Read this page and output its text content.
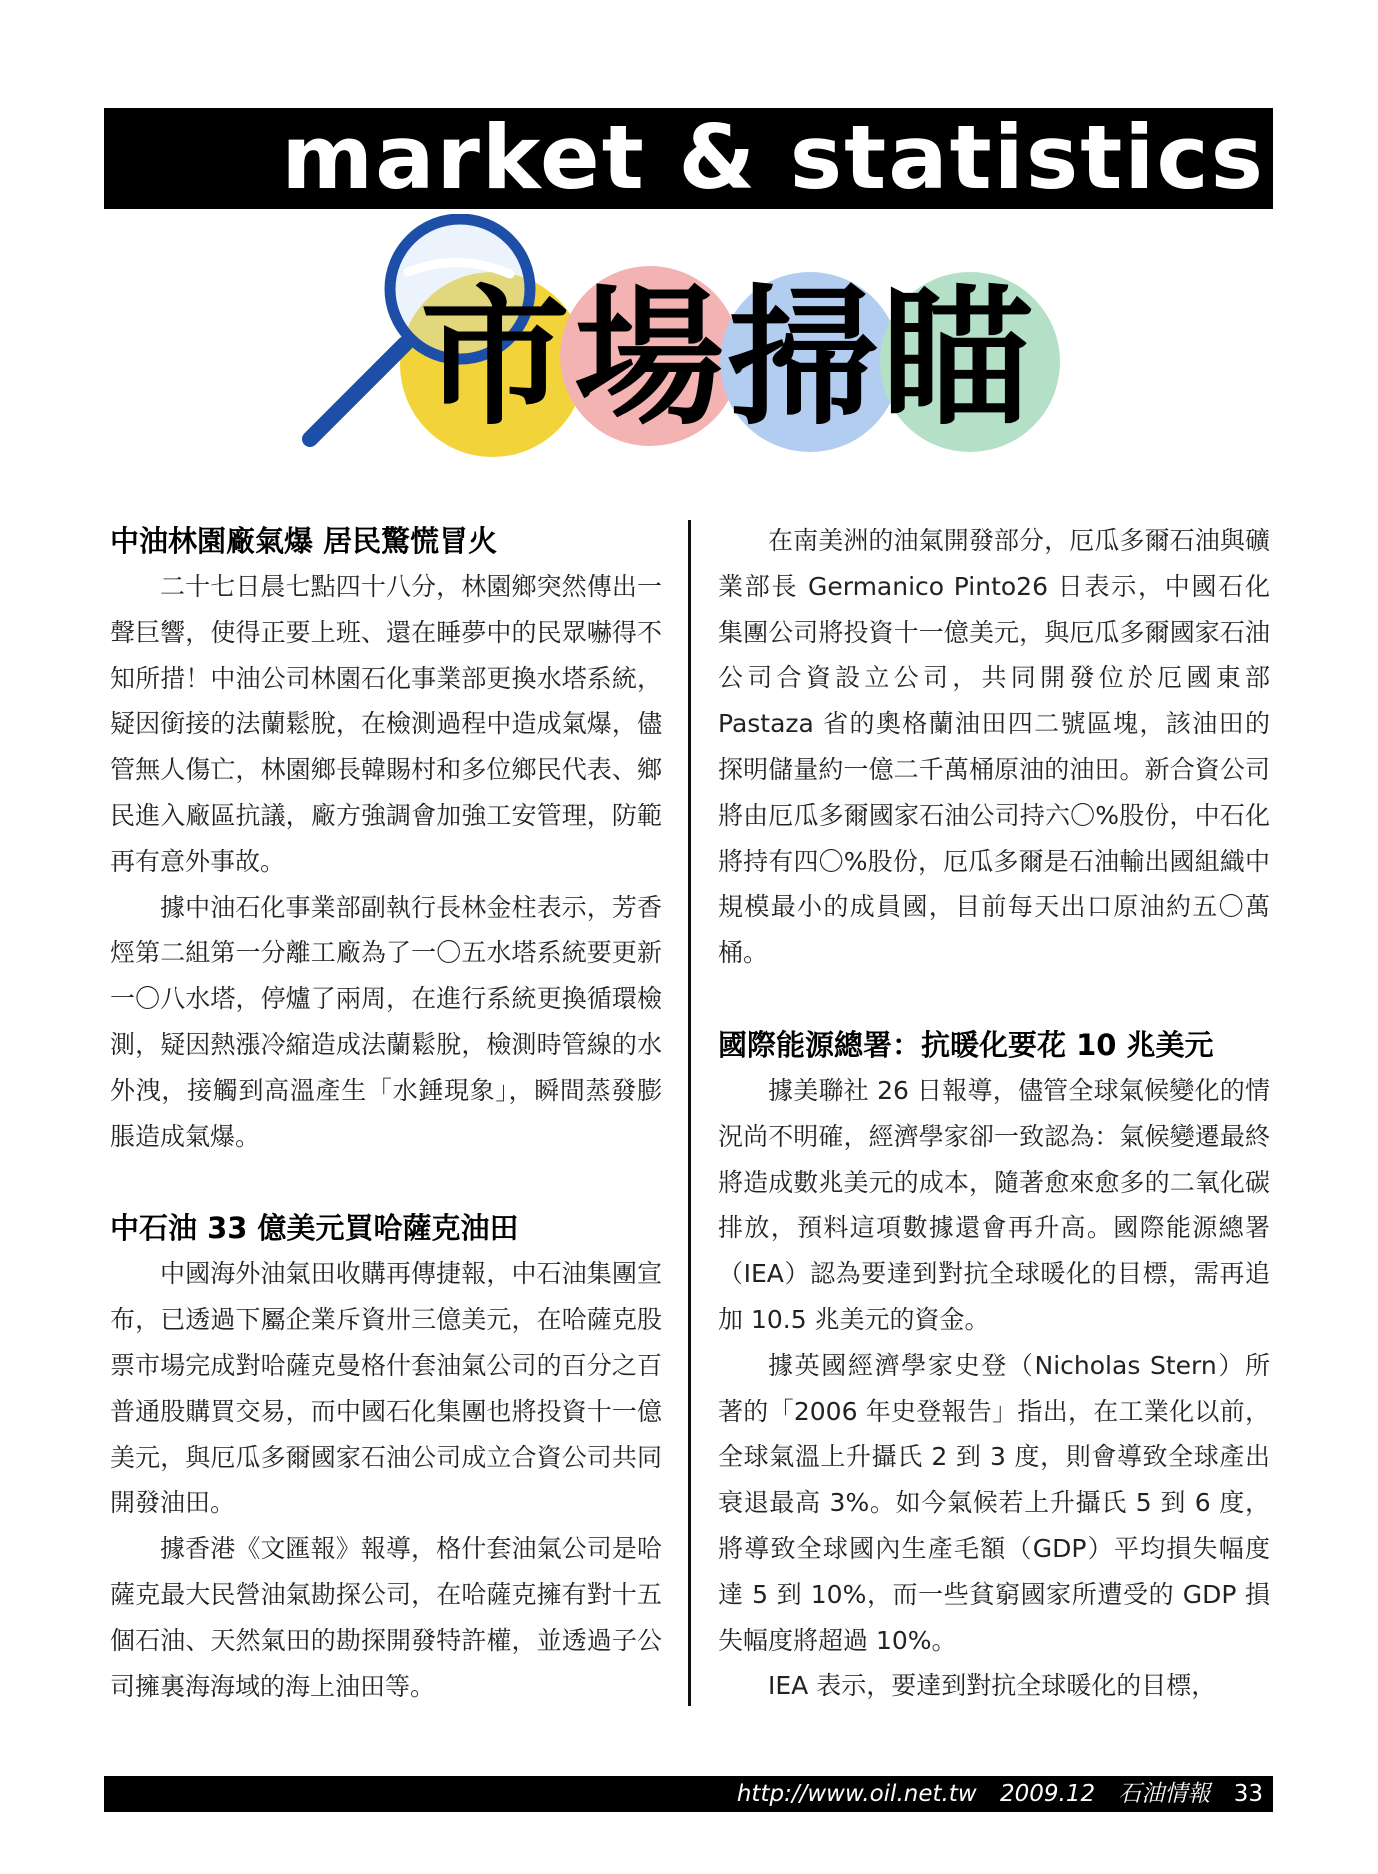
market & statistics
市場掃瞄
中油林園廠氣爆 居民驚慌冒火

二十七日晨七點四十八分，林園鄉突然傳出一聲巨響，使得正要上班、還在睡夢中的民眾嚇得不知所措！中油公司林園石化事業部更換水塔系統，疑因銜接的法蘭鬆脫，在檢測過程中造成氣爆，儘管無人傷亡，林園鄉長韓賜村和多位鄉民代表、鄉民進入廠區抗議，廠方強調會加強工安管理，防範再有意外事故。

據中油石化事業部副執行長林金柱表示，芳香烴第二組第一分離工廠為了一〇五水塔系統要更新一〇八水塔，停爐了兩周，在進行系統更換循環檢測，疑因熱漲冷縮造成法蘭鬆脫，檢測時管線的水外洩，接觸到高溫產生「水錘現象」，瞬間蒸發膨脹造成氣爆。

中石油 33 億美元買哈薩克油田

中國海外油氣田收購再傳捷報，中石油集團宣布，已透過下屬企業斥資卅三億美元，在哈薩克股票市場完成對哈薩克曼格什套油氣公司的百分之百普通股購買交易，而中國石化集團也將投資十一億美元，與厄瓜多爾國家石油公司成立合資公司共同開發油田。

據香港《文匯報》報導，格什套油氣公司是哈薩克最大民營油氣勘探公司，在哈薩克擁有對十五個石油、天然氣田的勘探開發特許權，並透過子公司擁裏海海域的海上油田等。

在南美洲的油氣開發部分，厄瓜多爾石油與礦業部長 Germanico Pinto26 日表示，中國石化集團公司將投資十一億美元，與厄瓜多爾國家石油公司合資設立公司，共同開發位於厄國東部 Pastaza 省的奧格蘭油田四二號區塊，該油田的探明儲量約一億二千萬桶原油的油田。新合資公司將由厄瓜多爾國家石油公司持六〇%股份，中石化將持有四〇%股份，厄瓜多爾是石油輸出國組織中規模最小的成員國，目前每天出口原油約五〇萬桶。

國際能源總署：抗暖化要花 10 兆美元

據美聯社 26 日報導，儘管全球氣候變化的情況尚不明確，經濟學家卻一致認為：氣候變遷最終將造成數兆美元的成本，隨著愈來愈多的二氧化碳排放，預料這項數據還會再升高。國際能源總署（IEA）認為要達到對抗全球暖化的目標，需再追加 10.5 兆美元的資金。

據英國經濟學家史登（Nicholas Stern）所著的「2006 年史登報告」指出，在工業化以前，全球氣溫上升攝氏 2 到 3 度，則會導致全球產出衰退最高 3%。如今氣候若上升攝氏 5 到 6 度，將導致全球國內生產毛額（GDP）平均損失幅度達 5 到 10%，而一些貧窮國家所遭受的 GDP 損失幅度將超過 10%。

IEA 表示，要達到對抗全球暖化的目標，

http://www.oil.net.tw 2009.12 石油情報 33
